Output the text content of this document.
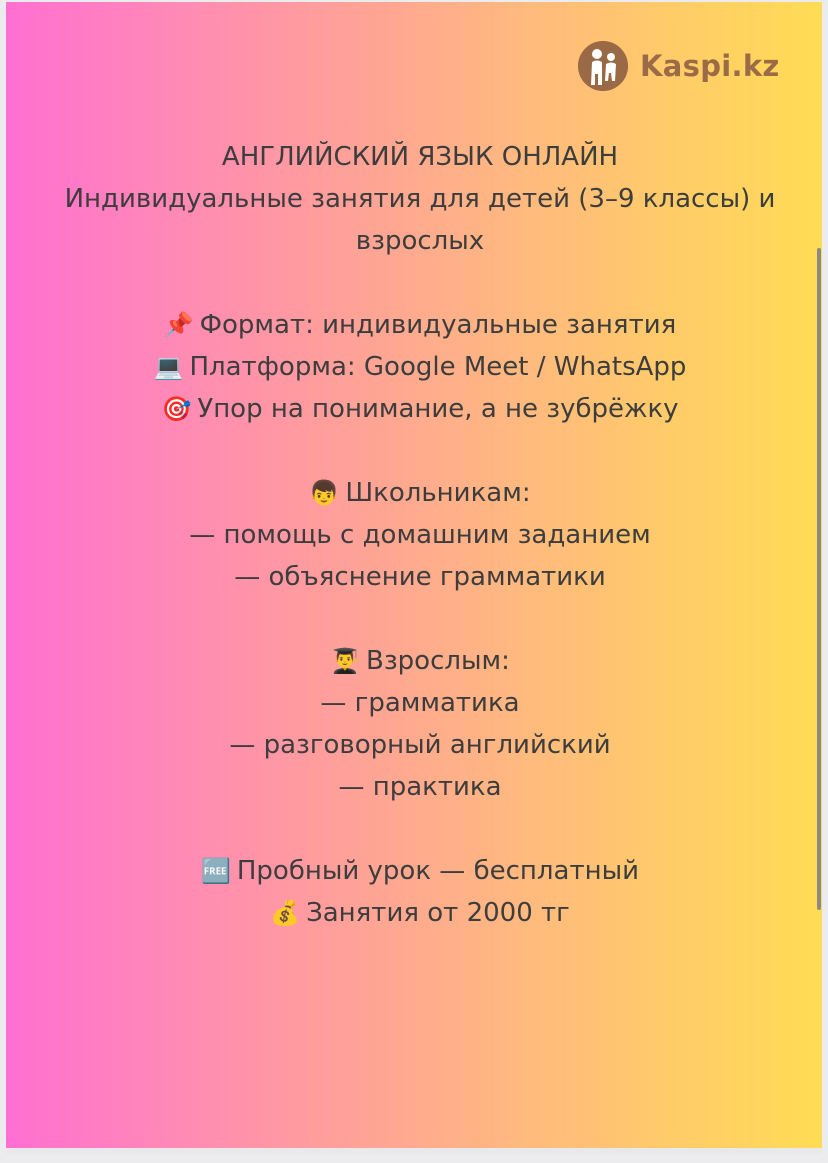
Kaspi.kz
АНГЛИЙСКИЙ ЯЗЫК ОНЛАЙН
Индивидуальные занятия для детей (3–9 классы) и
взрослых
📌 Формат: индивидуальные занятия
💻 Платформа: Google Meet / WhatsApp
🎯 Упор на понимание, а не зубрёжку
👦 Школьникам:
— помощь с домашним заданием
— объяснение грамматики
👨‍🎓 Взрослым:
— грамматика
— разговорный английский
— практика
🆓 Пробный урок — бесплатный
💰 Занятия от 2000 тг
